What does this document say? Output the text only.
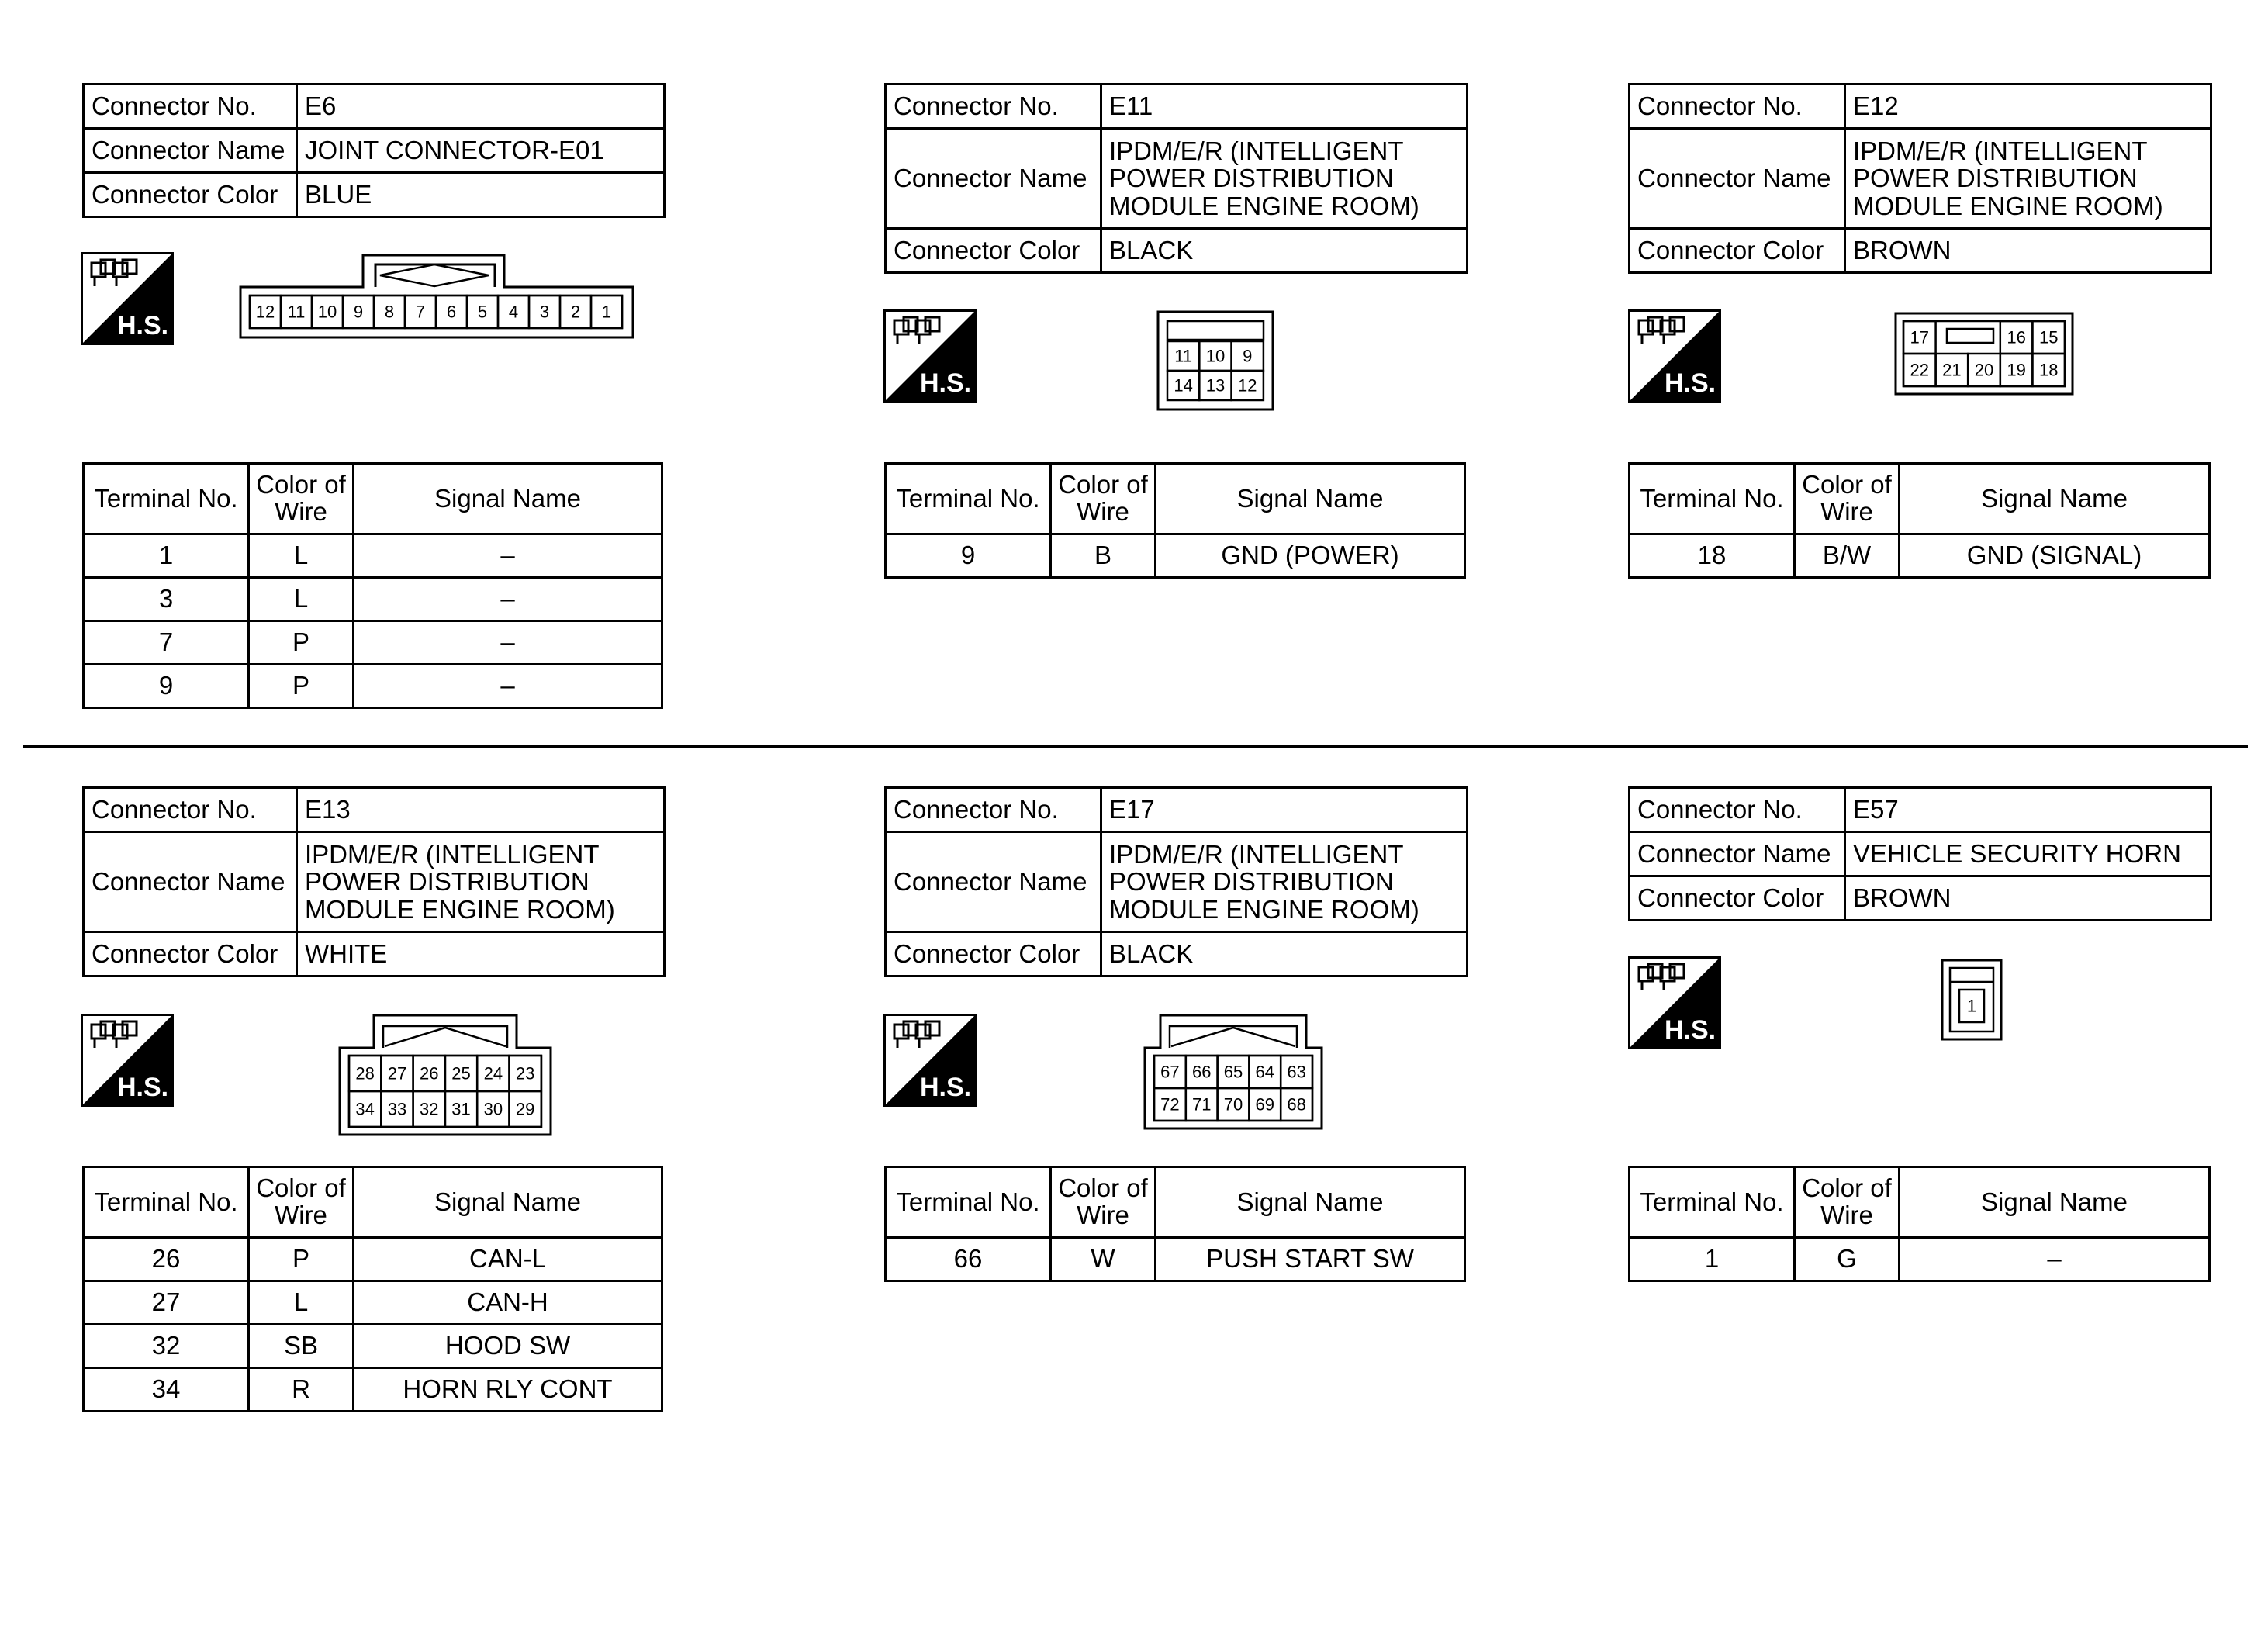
Connector No.	E6
Connector Name	JOINT CONNECTOR-E01
Connector Color	BLUE
H.S.	12 11 10 9 8 7 6 5 4 3 2 1
Terminal No.	Color of Wire	Signal Name
1	L	–
3	L	–
7	P	–
9	P	–
Connector No.	E11
Connector Name	IPDM/E/R (INTELLIGENT
POWER DISTRIBUTION
MODULE ENGINE ROOM)

Connector Color	BLACK
H.S.
11 10 9
14 13 12
Terminal No.	Color of Wire	Signal Name
9	B	GND (POWER)
Connector No.	E12
Connector Name	IPDM/E/R (INTELLIGENT
POWER DISTRIBUTION
MODULE ENGINE ROOM)

Connector Color	BROWN
H.S.
17	16 15
22 21 20 19 18
Terminal No.	Color of Wire	Signal Name
18	B/W	GND (SIGNAL)
Connector No.	E13
Connector Name	IPDM/E/R (INTELLIGENT
POWER DISTRIBUTION
MODULE ENGINE ROOM)

Connector Color	WHITE
H.S.	28 27 26 25 24 23
34 33 32 31 30 29
Terminal No.	Color of Wire	Signal Name
26	P	CAN-L
27	L	CAN-H
32	SB	HOOD SW
34	R	HORN RLY CONT
Connector No.	E17
Connector Name	IPDM/E/R (INTELLIGENT
POWER DISTRIBUTION
MODULE ENGINE ROOM)

Connector Color	BLACK
H.S.
67 66 65 64 63
72 71 70 69 68
Terminal No.	Color of Wire	Signal Name
66	W	PUSH START SW
Connector No.	E57
Connector Name	VEHICLE SECURITY HORN
Connector Color	BROWN
H.S.
1
Terminal No.	Color of Wire	Signal Name
1	G	–
